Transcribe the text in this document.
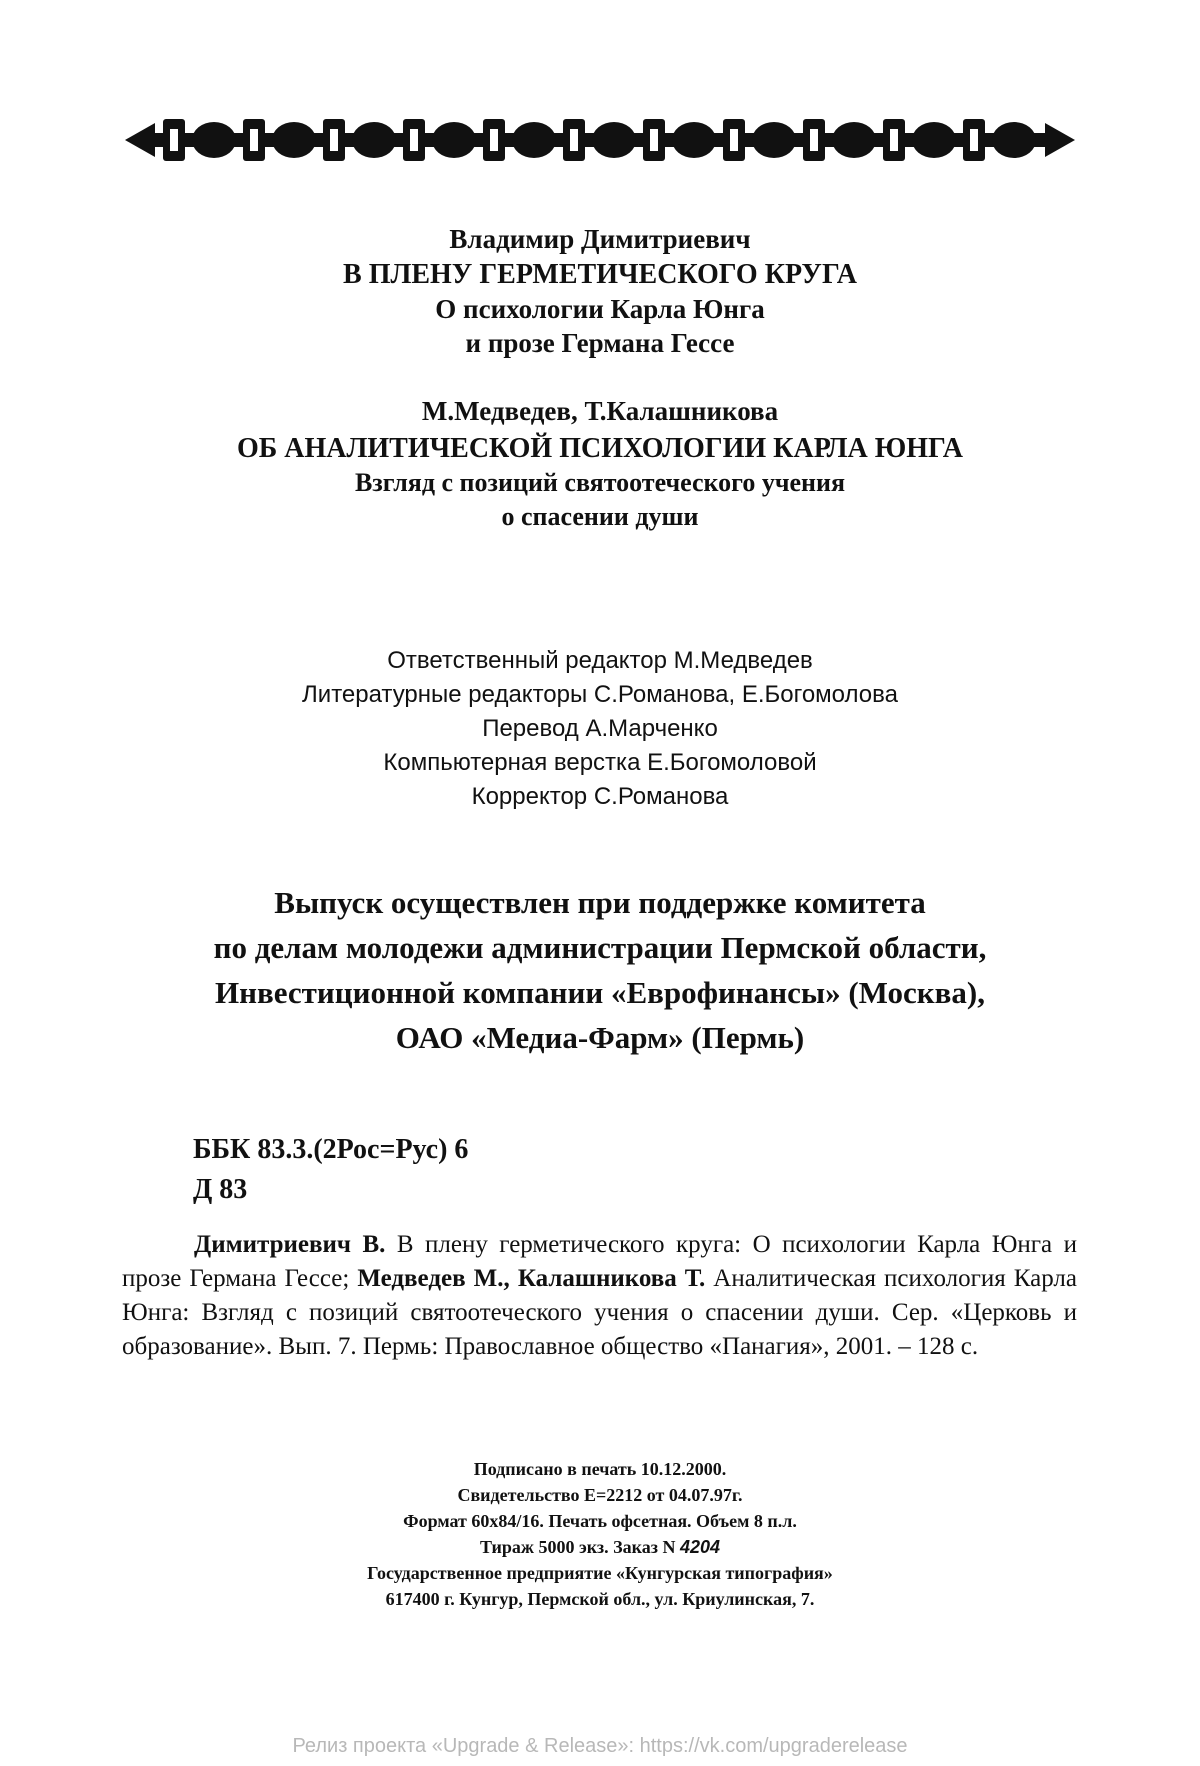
Владимир Димитриевич
В ПЛЕНУ ГЕРМЕТИЧЕСКОГО КРУГА
О психологии Карла Юнга
и прозе Германа Гессе
М.Медведев, Т.Калашникова
ОБ АНАЛИТИЧЕСКОЙ ПСИХОЛОГИИ КАРЛА ЮНГА
Взгляд с позиций святоотеческого учения
о спасении души
Ответственный редактор М.Медведев
Литературные редакторы С.Романова, Е.Богомолова
Перевод А.Марченко
Компьютерная верстка Е.Богомоловой
Корректор С.Романова
Выпуск осуществлен при поддержке комитета
по делам молодежи администрации Пермской области,
Инвестиционной компании «Еврофинансы» (Москва),
ОАО «Медиа-Фарм» (Пермь)
ББК 83.3.(2Рос=Рус) 6
Д 83
Димитриевич В. В плену герметического круга: О психологии Карла Юнга и прозе Германа Гессе; Медведев М., Калашникова Т. Аналитическая психология Карла Юнга: Взгляд с позиций святоотеческого учения о спасении души. Сер. «Церковь и образование». Вып. 7. Пермь: Православное общество «Панагия», 2001. – 128 с.
Подписано в печать 10.12.2000.
Свидетельство Е=2212 от 04.07.97г.
Формат 60х84/16. Печать офсетная. Объем 8 п.л.
Тираж 5000 экз. Заказ N 4204
Государственное предприятие «Кунгурская типография»
617400 г. Кунгур, Пермской обл., ул. Криулинская, 7.
Релиз проекта «Upgrade & Release»: https://vk.com/upgraderelease
